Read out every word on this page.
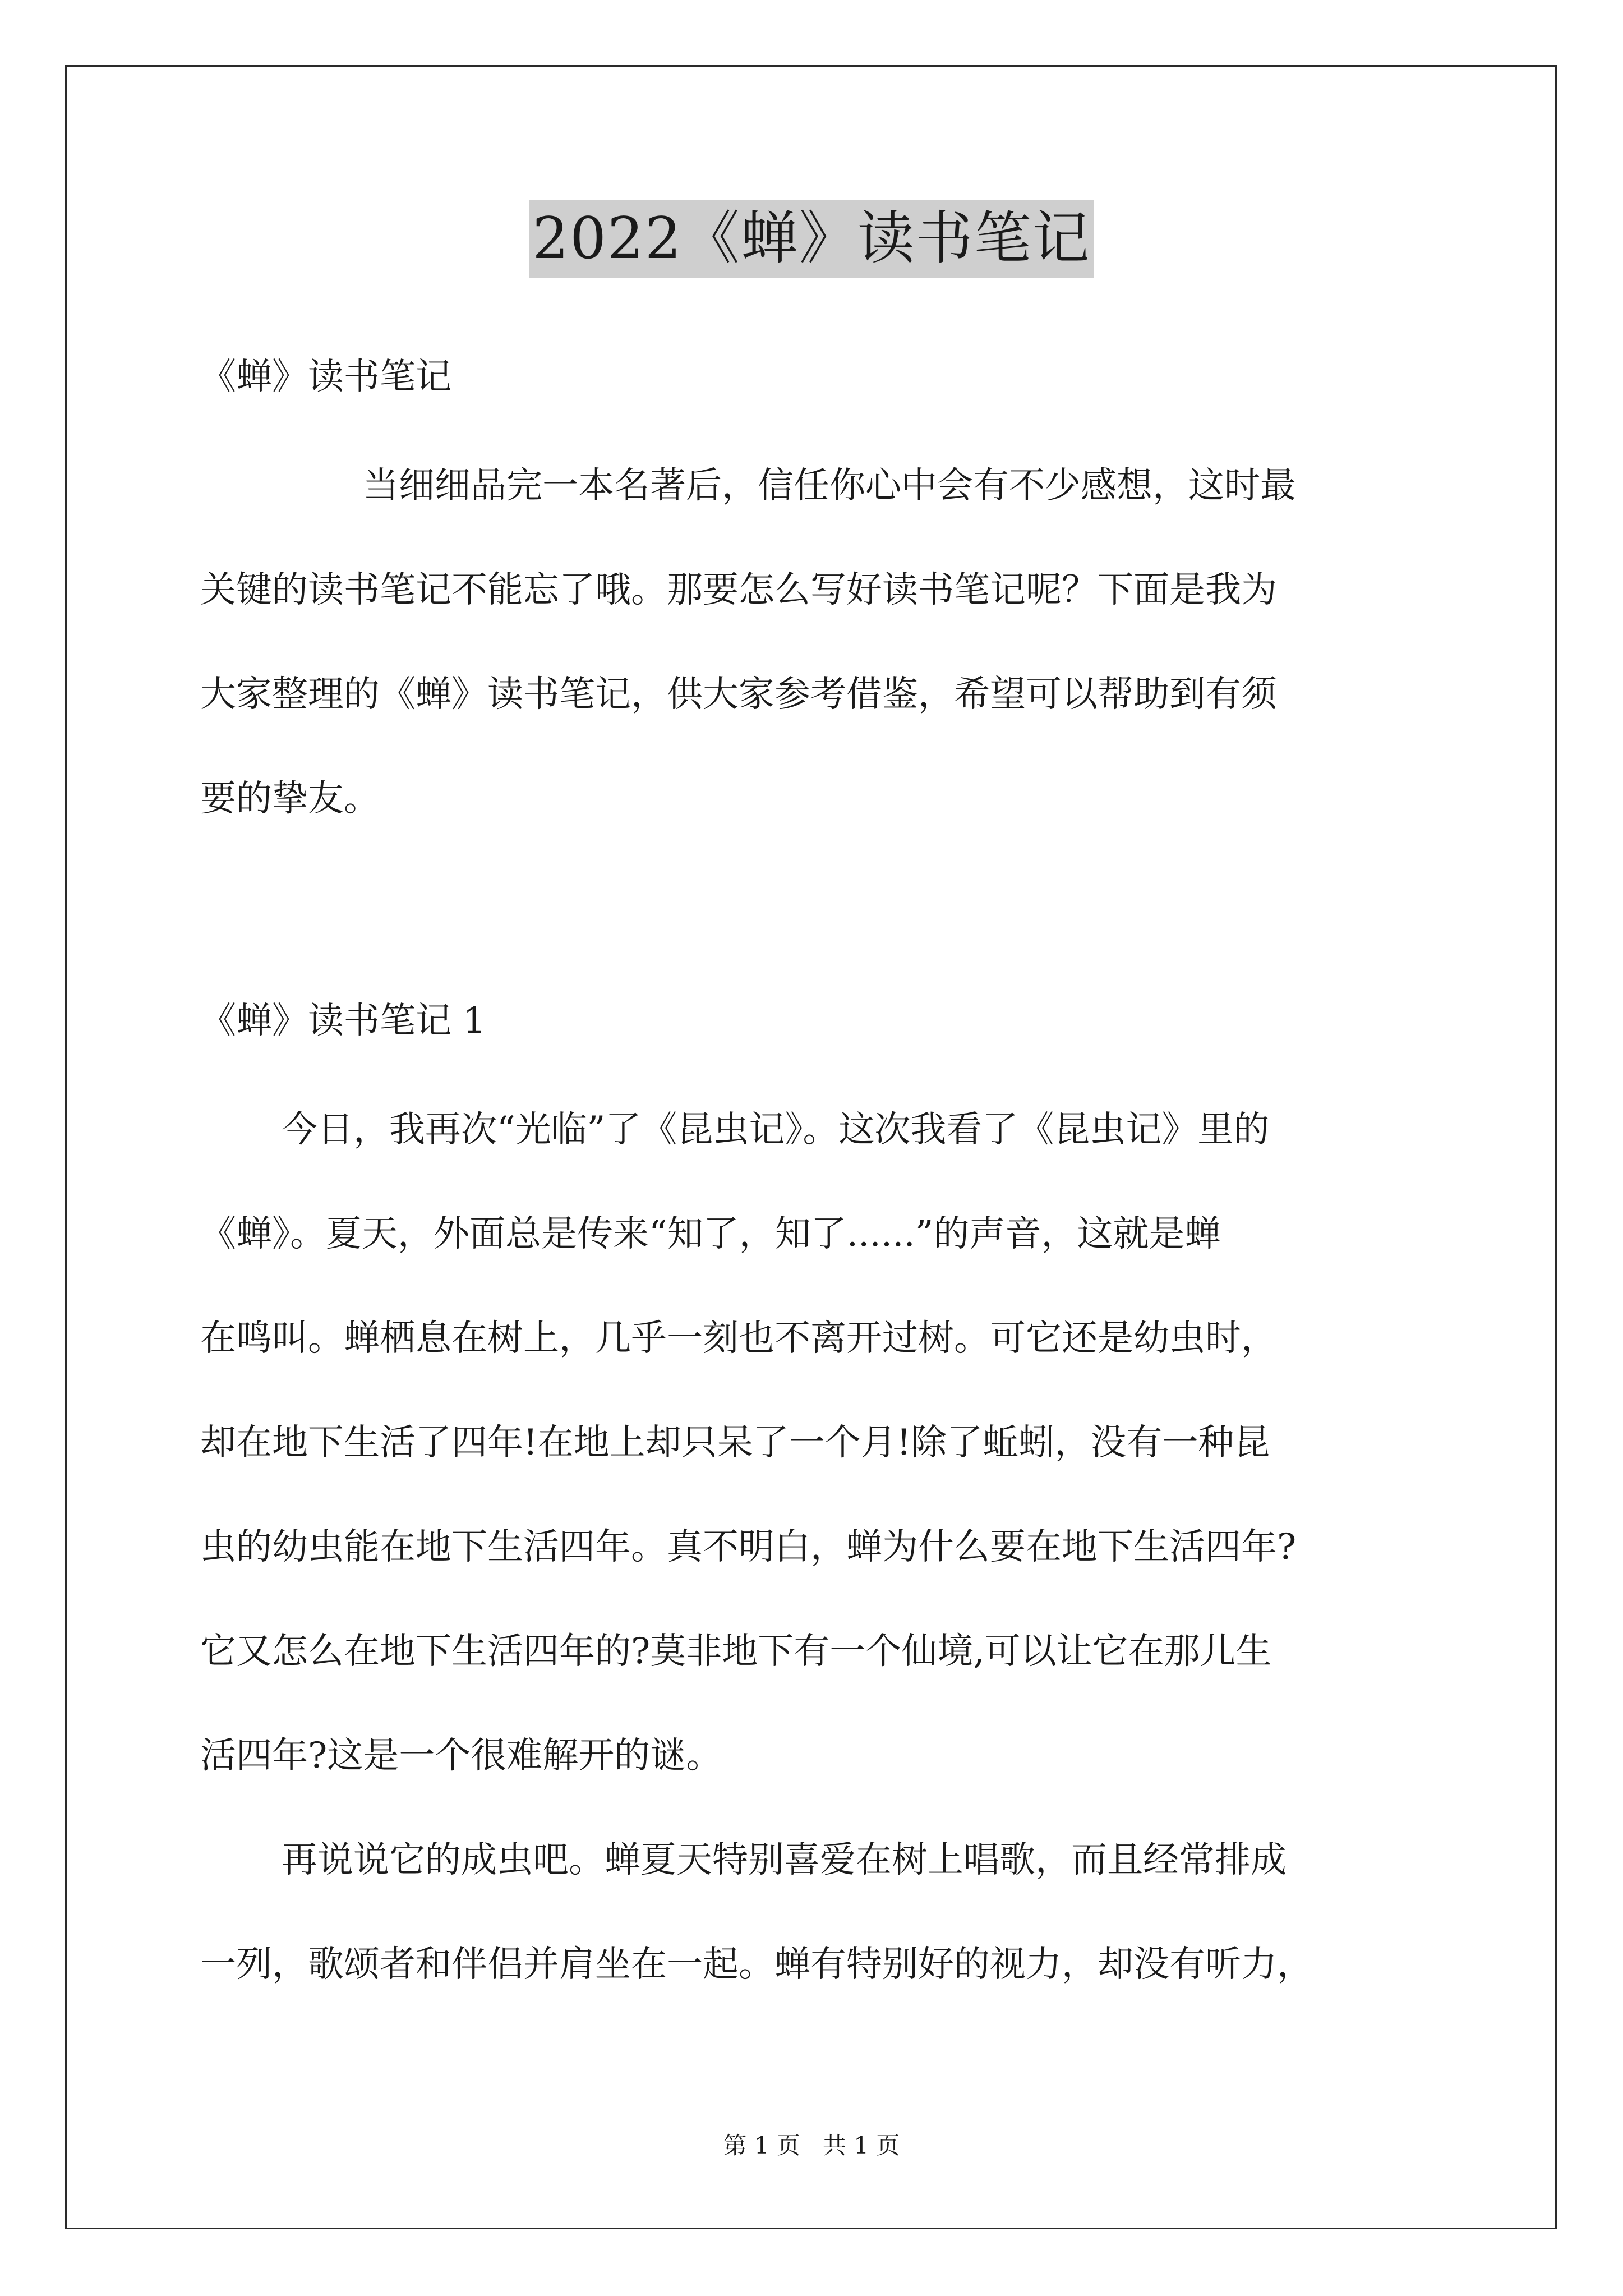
2022《蝉》读书笔记

《蝉》读书笔记

当细细品完一本名著后，信任你心中会有不少感想，这时最
关键的读书笔记不能忘了哦。那要怎么写好读书笔记呢？下面是我为
大家整理的《蝉》读书笔记，供大家参考借鉴，希望可以帮助到有须
要的挚友。

《蝉》读书笔记 1

今日，我再次“光临”了《昆虫记》。这次我看了《昆虫记》里的
《蝉》。夏天，外面总是传来“知了，知了......”的声音，这就是蝉
在鸣叫。蝉栖息在树上，几乎一刻也不离开过树。可它还是幼虫时，
却在地下生活了四年!在地上却只呆了一个月!除了蚯蚓，没有一种昆
虫的幼虫能在地下生活四年。真不明白，蝉为什么要在地下生活四年?
它又怎么在地下生活四年的?莫非地下有一个仙境,可以让它在那儿生
活四年?这是一个很难解开的谜。
再说说它的成虫吧。蝉夏天特别喜爱在树上唱歌，而且经常排成
一列，歌颂者和伴侣并肩坐在一起。蝉有特别好的视力，却没有听力，
第 1 页 共 1 页
